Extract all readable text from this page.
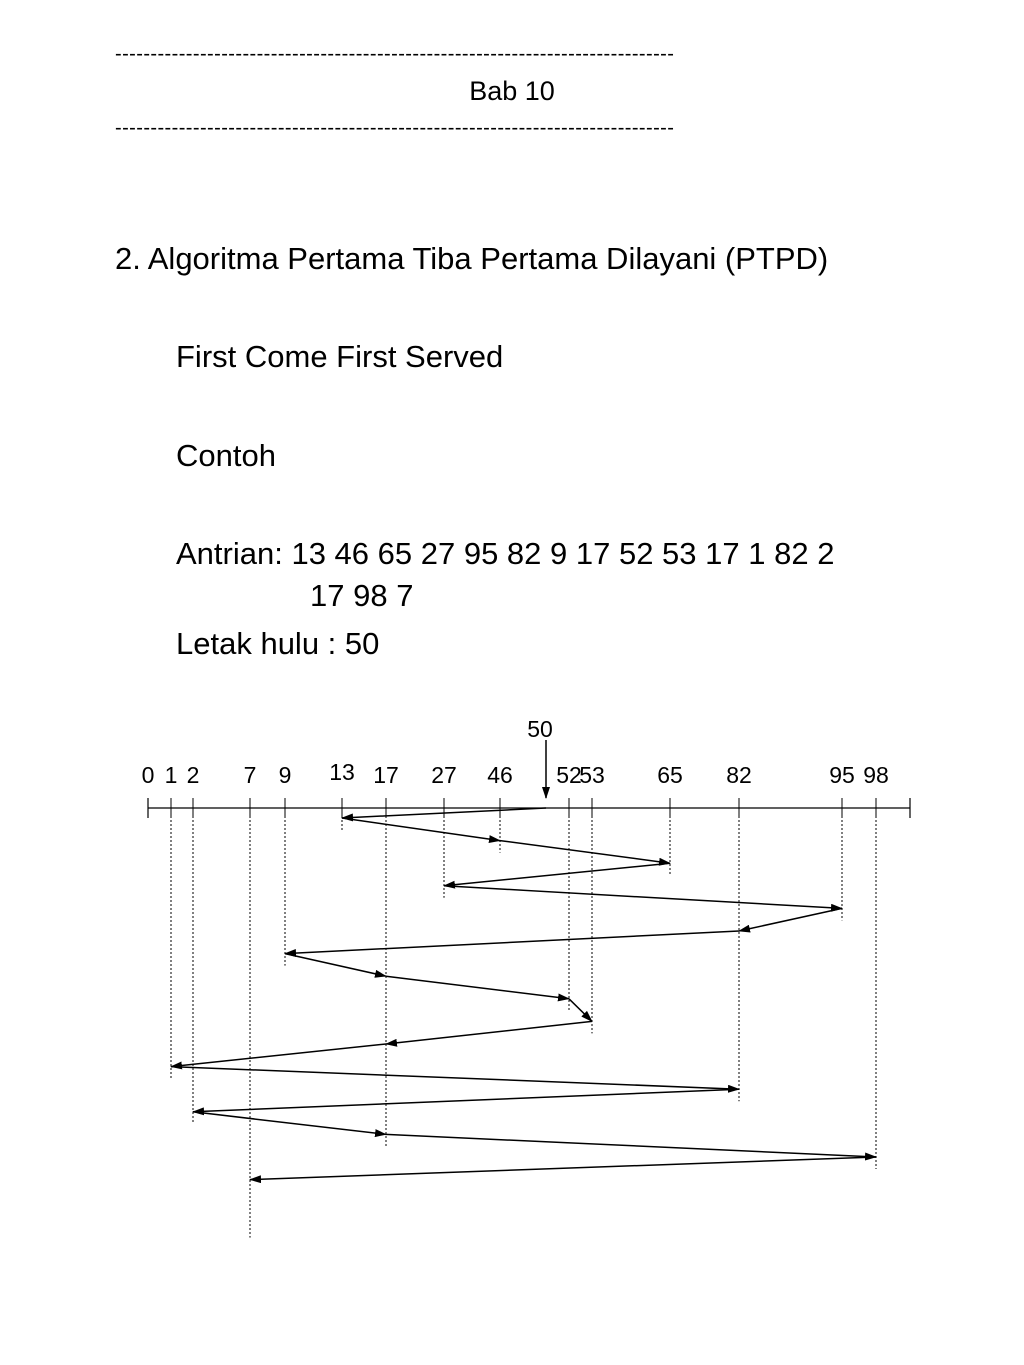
-------------------------------------------------------------------------------
Bab 10
-------------------------------------------------------------------------------
2. Algoritma Pertama Tiba Pertama Dilayani (PTPD)
First Come First Served
Contoh
Antrian: 13 46 65 27 95 82 9 17 52 53 17 1 82 2
17 98 7
Letak hulu : 50
0 1 2 7 9 13 17 27 46 52
53 65 82	95 98
50
